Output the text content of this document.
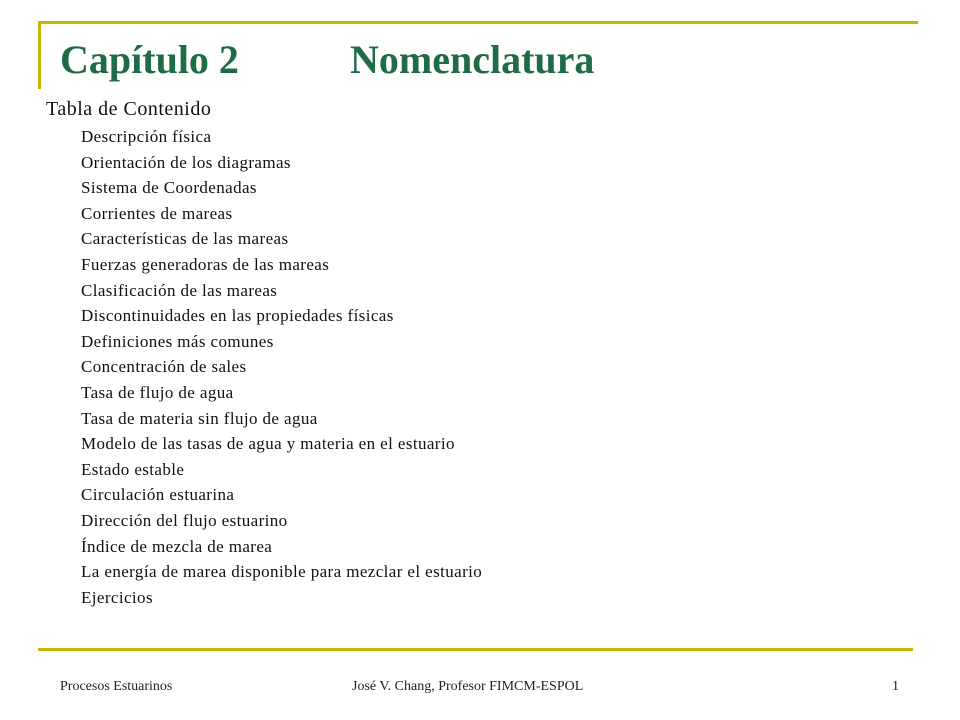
Capítulo 2	Nomenclatura
Tabla de Contenido
Descripción física
Orientación de los diagramas
Sistema de Coordenadas
Corrientes de mareas
Características de las mareas
Fuerzas generadoras de las mareas
Clasificación de las mareas
Discontinuidades en las propiedades físicas
Definiciones más comunes
Concentración de sales
Tasa de flujo de agua
Tasa de materia sin flujo de agua
Modelo de las tasas de agua y materia en el estuario
Estado estable
Circulación estuarina
Dirección del flujo estuarino
Índice de mezcla de marea
La energía de marea disponible para mezclar el estuario
Ejercicios
Procesos Estuarinos	José V. Chang, Profesor FIMCM-ESPOL	1
